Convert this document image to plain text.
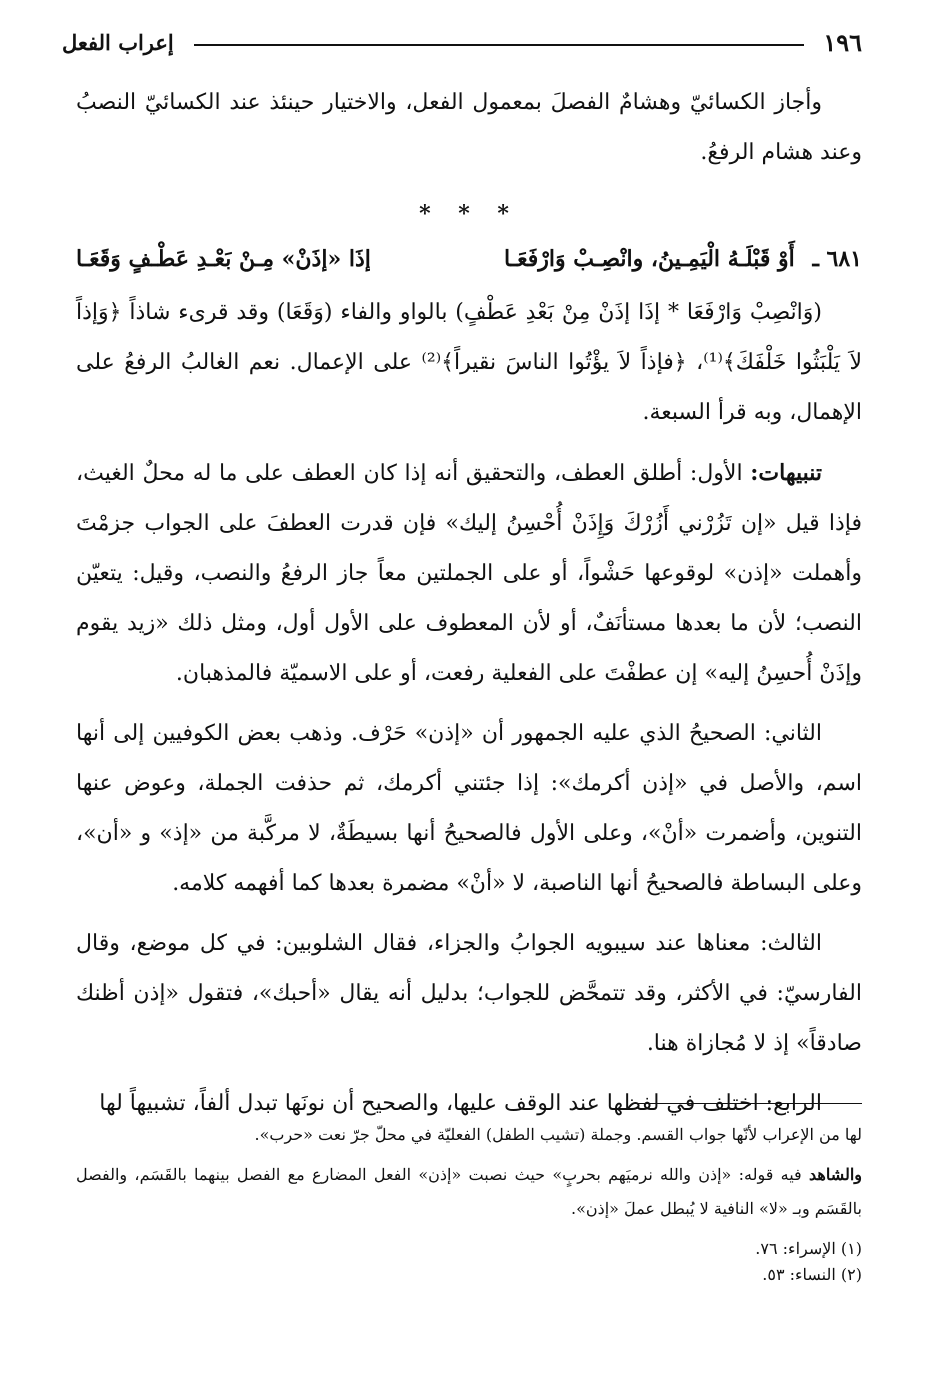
١٩٦
إعراب الفعل

وأجاز الكسائيّ وهشامٌ الفصلَ بمعمول الفعل، والاختيار حينئذ عند الكسائيّ النصبُ وعند هشام الرفعُ.

* * *
٦٨١ ـ أَوْ قَبْلَـهُ الْيَمِـينُ، وانْصِـبْ وَارْفَعَـا
إذَا «إذَنْ» مِـنْ بَعْـدِ عَطْـفٍ وَقَعَـا

(وَانْصِبْ وَارْفَعَا * إذَا إذَنْ مِنْ بَعْدِ عَطْفٍ) بالواو والفاء (وَقَعَا) وقد قرىء شاذاً ﴿وَإذاً لاَ يَلْبَثُوا خَلْفَكَ﴾⁽¹⁾، ﴿فإذاً لاَ يؤْتُوا الناسَ نقيراً﴾⁽²⁾ على الإعمال. نعم الغالبُ الرفعُ على الإهمال، وبه قرأ السبعة.

تنبيهات: الأول: أطلق العطف، والتحقيق أنه إذا كان العطف على ما له محلٌ الغيث، فإذا قيل «إن تَزُرْني أَزُرْكَ وَإِذَنْ أُحْسِنُ إليك» فإن قدرت العطفَ على الجواب جزمْتَ وأهملت «إذن» لوقوعها حَشْواً، أو على الجملتين معاً جاز الرفعُ والنصب، وقيل: يتعيّن النصب؛ لأن ما بعدها مستأنَفٌ، أو لأن المعطوف على الأول أول، ومثل ذلك «زيد يقوم وإذَنْ أُحسِنُ إليه» إن عطفْتَ على الفعلية رفعت، أو على الاسميّة فالمذهبان.

الثاني: الصحيحُ الذي عليه الجمهور أن «إذن» حَرْف. وذهب بعض الكوفيين إلى أنها اسم، والأصل في «إذن أكرمك»: إذا جئتني أكرمك، ثم حذفت الجملة، وعوض عنها التنوين، وأضمرت «أنْ»، وعلى الأول فالصحيحُ أنها بسيطَةٌ، لا مركَّبة من «إذ» و «أن»، وعلى البساطة فالصحيحُ أنها الناصبة، لا «أنْ» مضمرة بعدها كما أفهمه كلامه.

الثالث: معناها عند سيبويه الجوابُ والجزاء، فقال الشلوبين: في كل موضع، وقال الفارسيّ: في الأكثر، وقد تتمحَّض للجواب؛ بدليل أنه يقال «أحبك»، فتقول «إذن أظنك صادقاً» إذ لا مُجازاة هنا.

الرابع: اختلف في لفظها عند الوقف عليها، والصحيح أن نونَها تبدل ألفاً، تشبيهاً لها

لها من الإعراب لأنّها جواب القسم. وجملة (تشيب الطفل) الفعليّة في محلّ جرّ نعت «حرب».

والشاهد فيه قوله: «إذن والله نرميَهم بحربٍ» حيث نصبت «إذن» الفعل المضارع مع الفصل بينهما بالقَسَم، والفصل بالقَسَم وبـ «لا» النافية لا يُبطل عملَ «إذن».

(١) الإسراء: ٧٦.

(٢) النساء: ٥٣.
